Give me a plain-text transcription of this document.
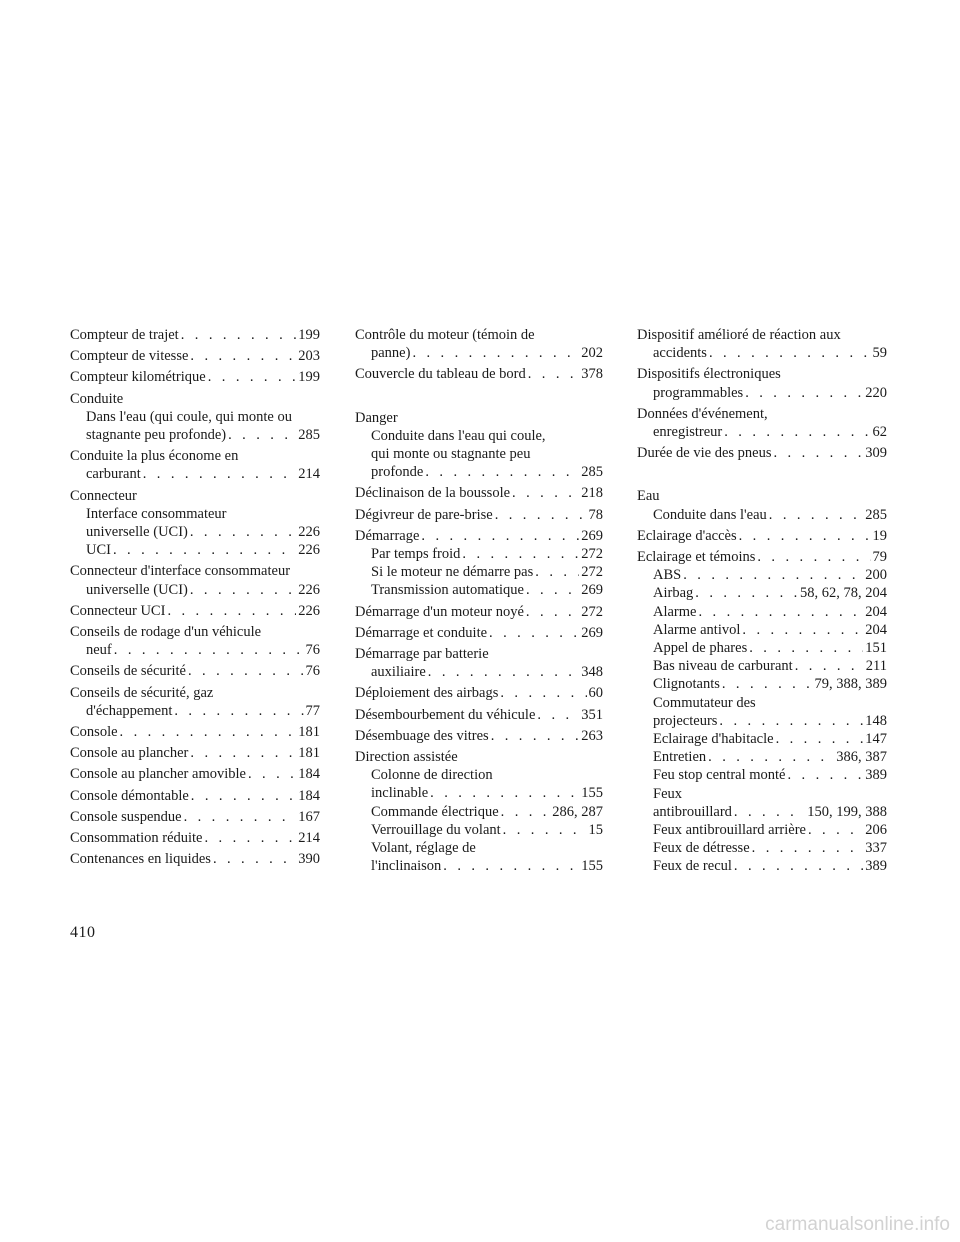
Compteur de trajet . . .	199
Compteur de vitesse . . .	203
Compteur kilométrique . . .	199
Conduite
Dans l'eau (qui coule, qui monte ou
stagnante peu profonde) . . .	285
Conduite la plus économe en
carburant . . .	214
Connecteur
Interface consommateur
universelle (UCI) . . .	226
UCI . . .	226
Connecteur d'interface consommateur
universelle (UCI) . . .	226
Connecteur UCI . . .	226
Conseils de rodage d'un véhicule
neuf . . .	76
Conseils de sécurité . . .	76
Conseils de sécurité, gaz
d'échappement . . .	77
Console . . .	181
Console au plancher . . .	181
Console au plancher amovible . . .	184
Console démontable . . .	184
Console suspendue . . .	167
Consommation réduite . . .	214
Contenances en liquides . . .	390
Contrôle du moteur (témoin de
panne) . . .	202
Couvercle du tableau de bord . . .	378
Danger
Conduite dans l'eau qui coule,
qui monte ou stagnante peu
profonde . . .	285
Déclinaison de la boussole . . .	218
Dégivreur de pare-brise . . .	78
Démarrage . . .	269
Par temps froid . . .	272
Si le moteur ne démarre pas . . .	272
Transmission automatique . . .	269
Démarrage d'un moteur noyé . . .	272
Démarrage et conduite . . .	269
Démarrage par batterie
auxiliaire . . .	348
Déploiement des airbags . . .	60
Désembourbement du véhicule . . .	351
Désembuage des vitres . . .	263
Direction assistée
Colonne de direction
inclinable . . .	155
Commande électrique . . .	286, 287
Verrouillage du volant . . .	15
Volant, réglage de
l'inclinaison . . .	155
Dispositif amélioré de réaction aux
accidents . . .	59
Dispositifs électroniques
programmables . . .	220
Données d'événement,
enregistreur . . .	62
Durée de vie des pneus . . .	309
Eau
Conduite dans l'eau . . .	285
Eclairage d'accès . . .	19
Eclairage et témoins . . .	79
ABS . . .	200
Airbag . . .	58, 62, 78, 204
Alarme . . .	204
Alarme antivol . . .	204
Appel de phares . . .	151
Bas niveau de carburant . . .	211
Clignotants . . .	79, 388, 389
Commutateur des
projecteurs . . .	148
Eclairage d'habitacle . . .	147
Entretien . . .	386, 387
Feu stop central monté . . .	389
Feux
antibrouillard . . .	150, 199, 388
Feux antibrouillard arrière . . .	206
Feux de détresse . . .	337
Feux de recul . . .	389
410
carmanualsonline.info
